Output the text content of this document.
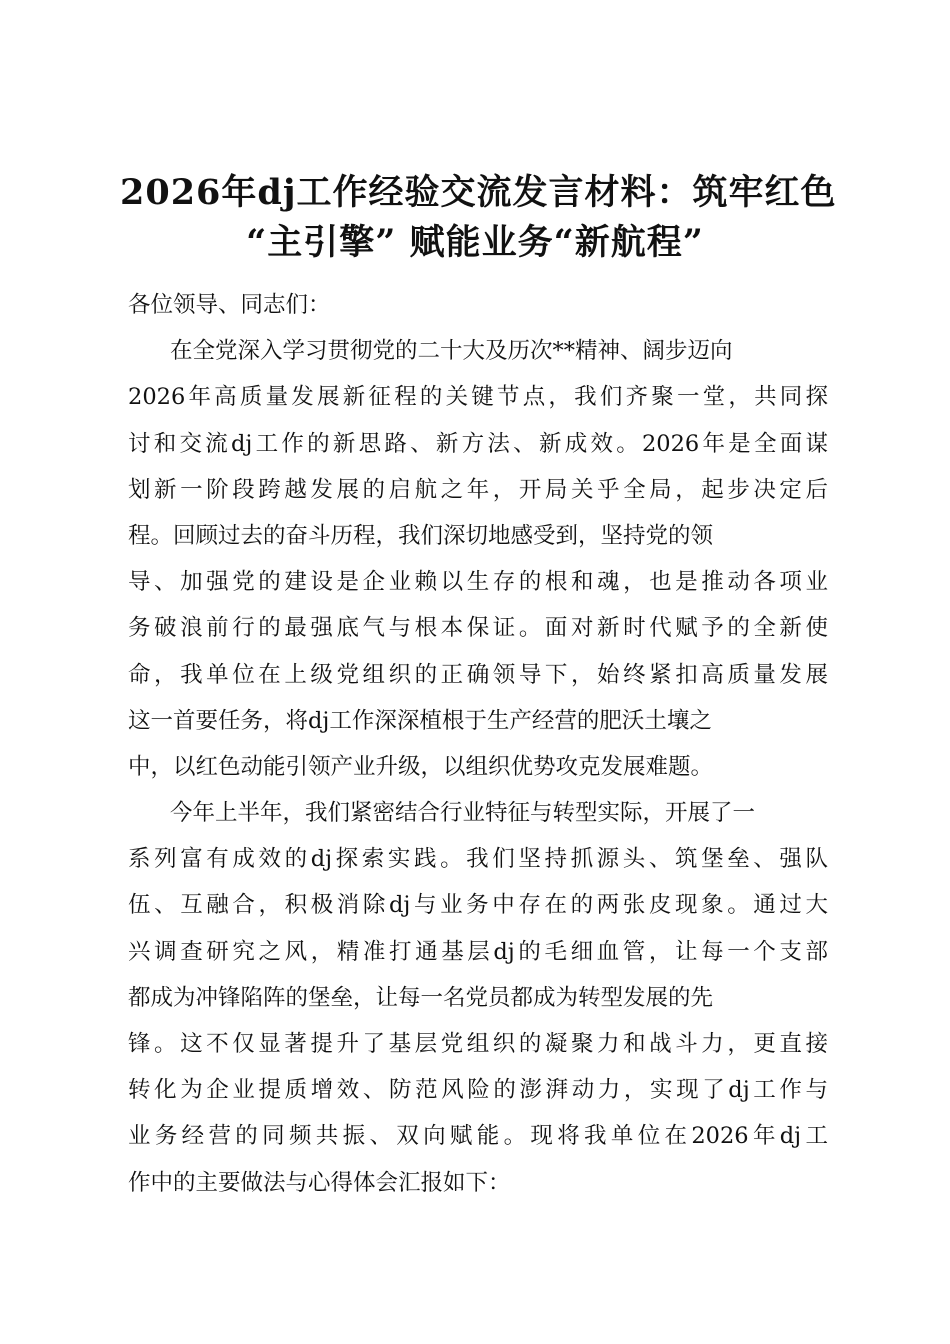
2026年dj工作经验交流发言材料：筑牢红色
“主引擎” 赋能业务“新航程”
各位领导、同志们：
在全党深入学习贯彻党的二十大及历次**精神、阔步迈向
2026年高质量发展新征程的关键节点，我们齐聚一堂，共同探
讨和交流dj工作的新思路、新方法、新成效。2026年是全面谋
划新一阶段跨越发展的启航之年，开局关乎全局，起步决定后
程。回顾过去的奋斗历程，我们深切地感受到，坚持党的领
导、加强党的建设是企业赖以生存的根和魂，也是推动各项业
务破浪前行的最强底气与根本保证。面对新时代赋予的全新使
命，我单位在上级党组织的正确领导下，始终紧扣高质量发展
这一首要任务，将dj工作深深植根于生产经营的肥沃土壤之
中，以红色动能引领产业升级，以组织优势攻克发展难题。
今年上半年，我们紧密结合行业特征与转型实际，开展了一
系列富有成效的dj探索实践。我们坚持抓源头、筑堡垒、强队
伍、互融合，积极消除dj与业务中存在的两张皮现象。通过大
兴调查研究之风，精准打通基层dj的毛细血管，让每一个支部
都成为冲锋陷阵的堡垒，让每一名党员都成为转型发展的先
锋。这不仅显著提升了基层党组织的凝聚力和战斗力，更直接
转化为企业提质增效、防范风险的澎湃动力，实现了dj工作与
业务经营的同频共振、双向赋能。现将我单位在2026年dj工
作中的主要做法与心得体会汇报如下：
